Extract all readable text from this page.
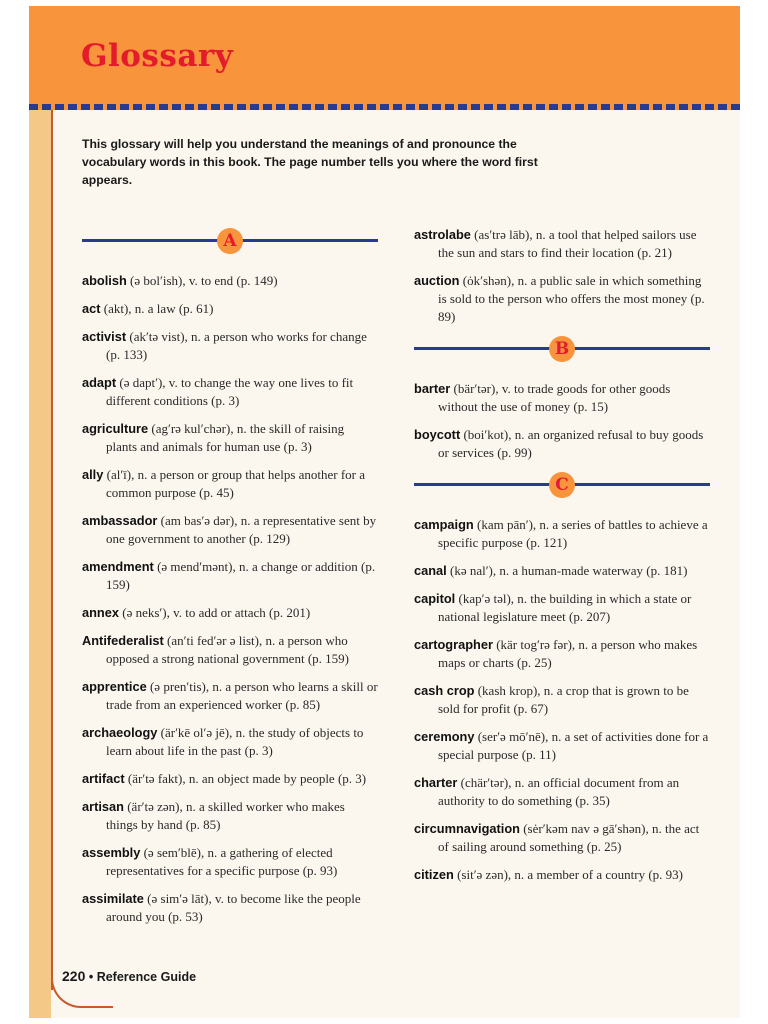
Glossary
This glossary will help you understand the meanings of and pronounce the vocabulary words in this book. The page number tells you where the word first appears.
A
abolish (ə bol′ish), v. to end (p. 149)
act (akt), n. a law (p. 61)
activist (ak′tə vist), n. a person who works for change (p. 133)
adapt (ə dapt′), v. to change the way one lives to fit different conditions (p. 3)
agriculture (ag′rə kul′chər), n. the skill of raising plants and animals for human use (p. 3)
ally (al′ī), n. a person or group that helps another for a common purpose (p. 45)
ambassador (am bas′ə dər), n. a representative sent by one government to another (p. 129)
amendment (ə mend′mənt), n. a change or addition (p. 159)
annex (ə neks′), v. to add or attach (p. 201)
Antifederalist (an′ti fed′ər ə list), n. a person who opposed a strong national government (p. 159)
apprentice (ə pren′tis), n. a person who learns a skill or trade from an experienced worker (p. 85)
archaeology (är′kē ol′ə jē), n. the study of objects to learn about life in the past (p. 3)
artifact (är′tə fakt), n. an object made by people (p. 3)
artisan (är′tə zən), n. a skilled worker who makes things by hand (p. 85)
assembly (ə sem′blē), n. a gathering of elected representatives for a specific purpose (p. 93)
assimilate (ə sim′ə lāt), v. to become like the people around you (p. 53)
astrolabe (as′trə lāb), n. a tool that helped sailors use the sun and stars to find their location (p. 21)
auction (ȯk′shən), n. a public sale in which something is sold to the person who offers the most money (p. 89)
B
barter (bär′tər), v. to trade goods for other goods without the use of money (p. 15)
boycott (boi′kot), n. an organized refusal to buy goods or services (p. 99)
C
campaign (kam pān′), n. a series of battles to achieve a specific purpose (p. 121)
canal (kə nal′), n. a human-made waterway (p. 181)
capitol (kap′ə təl), n. the building in which a state or national legislature meet (p. 207)
cartographer (kär tog′rə fər), n. a person who makes maps or charts (p. 25)
cash crop (kash krop), n. a crop that is grown to be sold for profit (p. 67)
ceremony (ser′ə mō′nē), n. a set of activities done for a special purpose (p. 11)
charter (chär′tər), n. an official document from an authority to do something (p. 35)
circumnavigation (sėr′kəm nav ə gā′shən), n. the act of sailing around something (p. 25)
citizen (sit′ə zən), n. a member of a country (p. 93)
220 • Reference Guide
